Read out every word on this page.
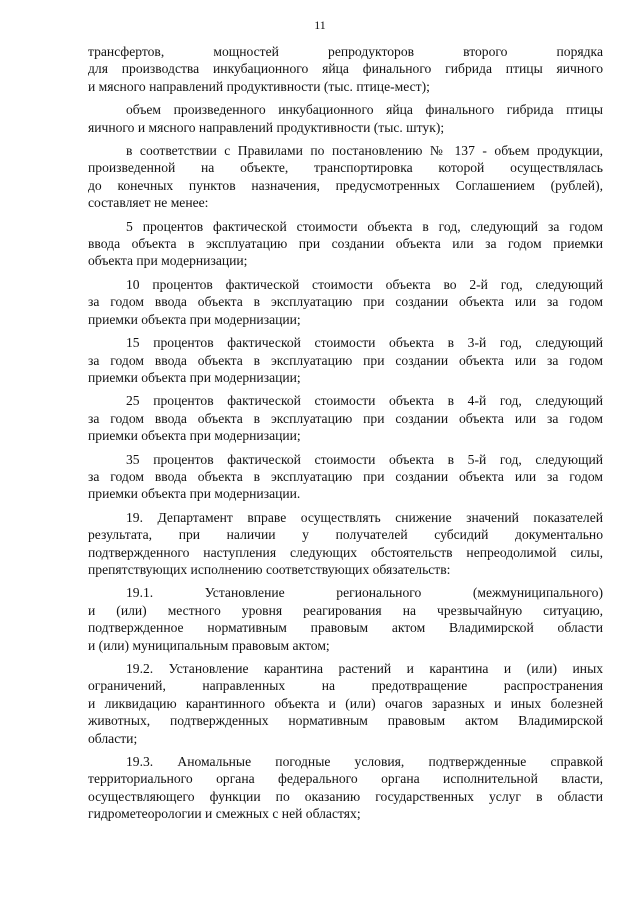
11

трансфертов, мощностей репродукторов второго порядка
для производства инкубационного яйца финального гибрида птицы яичного
и мясного направлений продуктивности (тыс. птице-мест);

объем произведенного инкубационного яйца финального гибрида птицы
яичного и мясного направлений продуктивности (тыс. штук);

в соответствии с Правилами по постановлению № 137 - объем продукции,
произведенной на объекте, транспортировка которой осуществлялась
до конечных пунктов назначения, предусмотренных Соглашением (рублей),
составляет не менее:

5 процентов фактической стоимости объекта в год, следующий за годом
ввода объекта в эксплуатацию при создании объекта или за годом приемки
объекта при модернизации;

10 процентов фактической стоимости объекта во 2-й год, следующий
за годом ввода объекта в эксплуатацию при создании объекта или за годом
приемки объекта при модернизации;

15 процентов фактической стоимости объекта в 3-й год, следующий
за годом ввода объекта в эксплуатацию при создании объекта или за годом
приемки объекта при модернизации;

25 процентов фактической стоимости объекта в 4-й год, следующий
за годом ввода объекта в эксплуатацию при создании объекта или за годом
приемки объекта при модернизации;

35 процентов фактической стоимости объекта в 5-й год, следующий
за годом ввода объекта в эксплуатацию при создании объекта или за годом
приемки объекта при модернизации.

19. Департамент вправе осуществлять снижение значений показателей
результата, при наличии у получателей субсидий документально
подтвержденного наступления следующих обстоятельств непреодолимой силы,
препятствующих исполнению соответствующих обязательств:

19.1. Установление регионального (межмуниципального)
и (или) местного уровня реагирования на чрезвычайную ситуацию,
подтвержденное нормативным правовым актом Владимирской области
и (или) муниципальным правовым актом;

19.2. Установление карантина растений и карантина и (или) иных
ограничений, направленных на предотвращение распространения
и ликвидацию карантинного объекта и (или) очагов заразных и иных болезней
животных, подтвержденных нормативным правовым актом Владимирской
области;

19.3. Аномальные погодные условия, подтвержденные справкой
территориального органа федерального органа исполнительной власти,
осуществляющего функции по оказанию государственных услуг в области
гидрометеорологии и смежных с ней областях;
